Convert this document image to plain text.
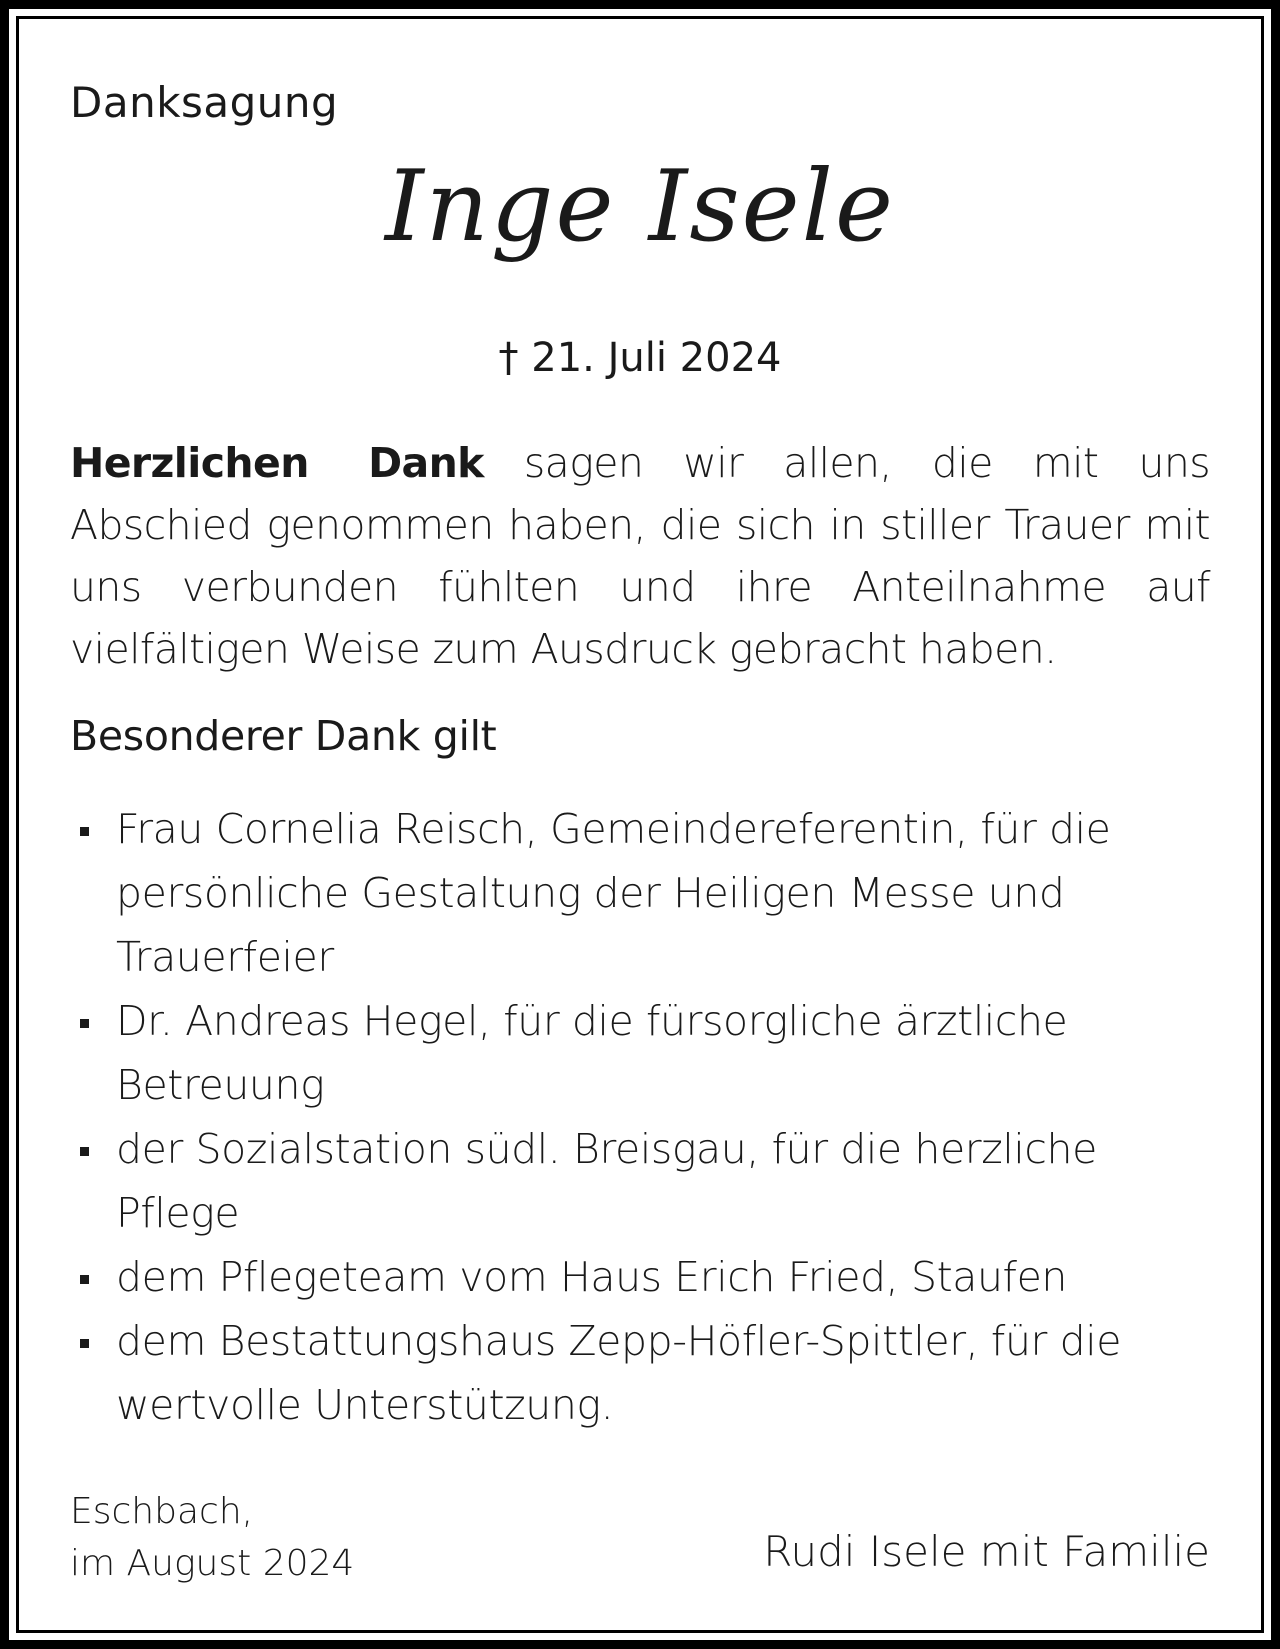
Danksagung
Inge Isele
† 21. Juli 2024
Herzlichen Dank sagen wir allen, die mit uns Abschied genommen haben, die sich in stiller Trauer mit uns verbunden fühlten und ihre Anteilnahme auf vielfältigen Weise zum Ausdruck gebracht haben.
Besonderer Dank gilt
Frau Cornelia Reisch, Gemeindereferentin, für die persönliche Gestaltung der Heiligen Messe und Trauerfeier
Dr. Andreas Hegel, für die fürsorgliche ärztliche Betreuung
der Sozialstation südl. Breisgau, für die herzliche Pflege
dem Pflegeteam vom Haus Erich Fried, Staufen
dem Bestattungshaus Zepp-Höfler-Spittler, für die wertvolle Unterstützung.
Eschbach,
im August 2024	Rudi Isele mit Familie
